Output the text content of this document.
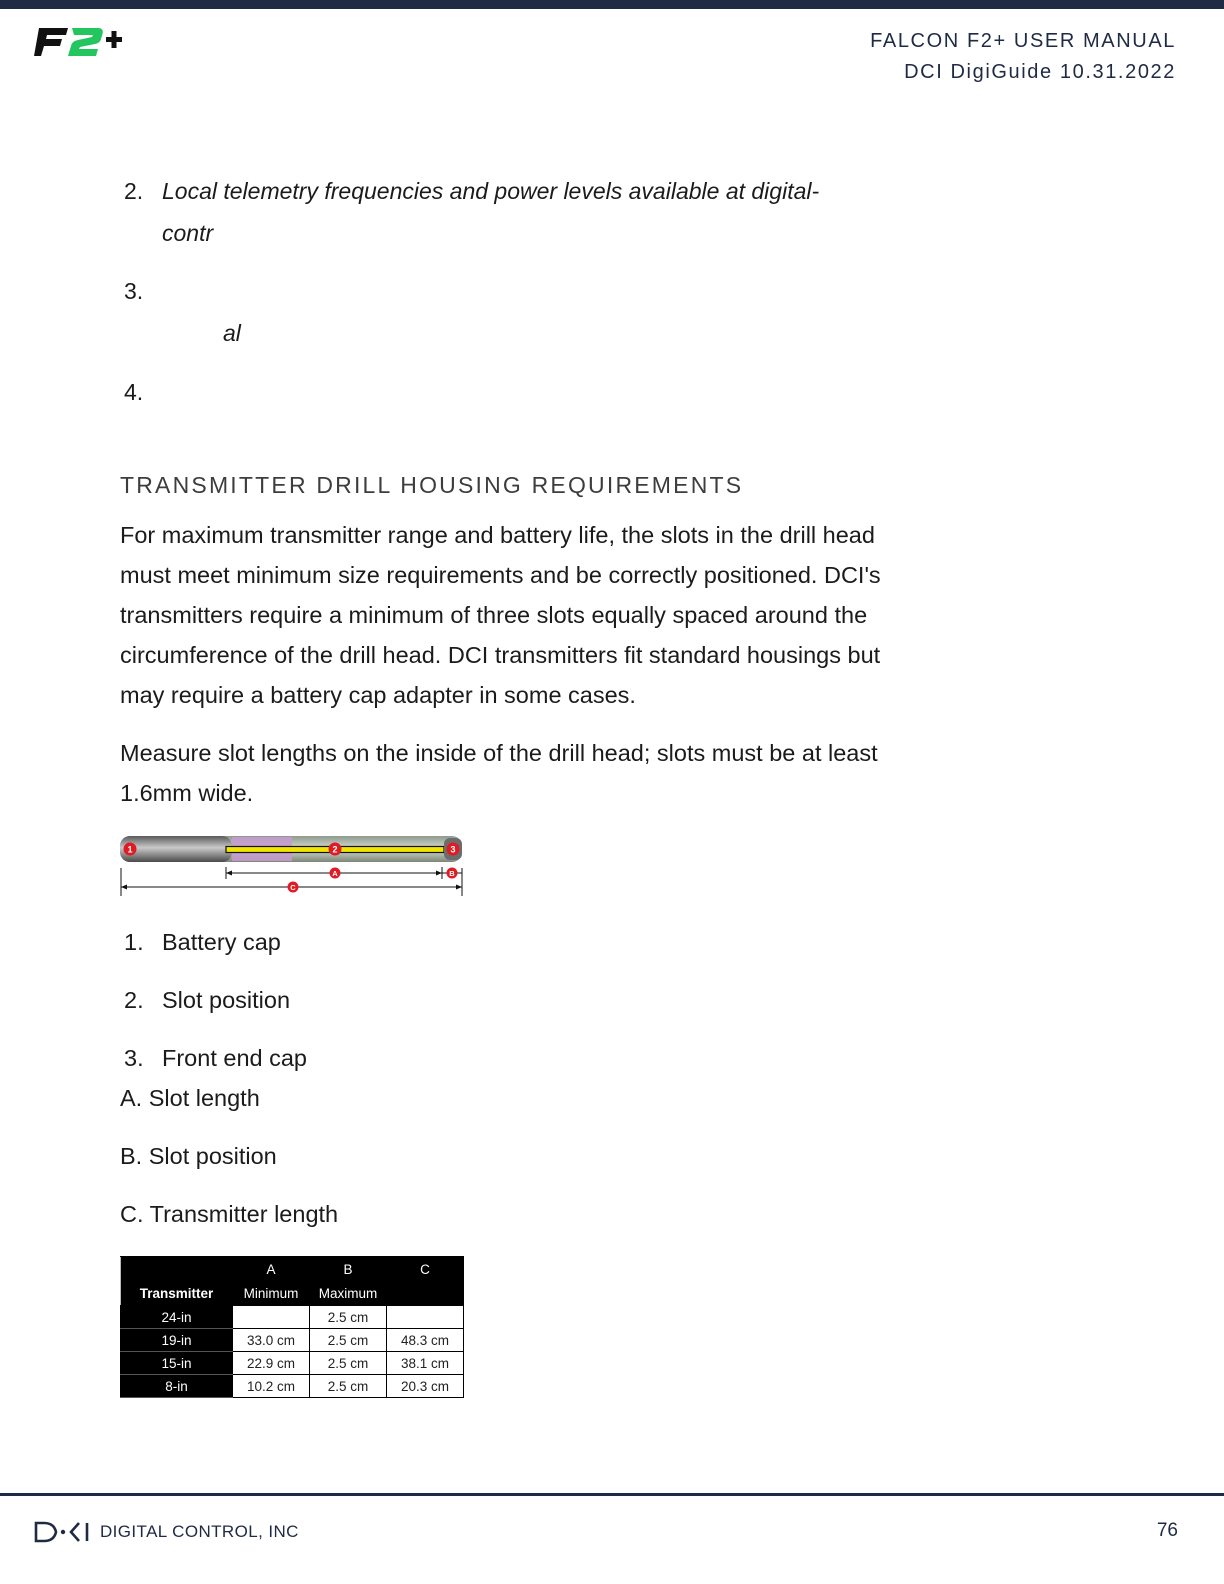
FALCON F2+ USER MANUAL
DCI DigiGuide 10.31.2022
2. Local telemetry frequencies and power levels available at digital-
contr
3.
al
4.
TRANSMITTER DRILL HOUSING REQUIREMENTS
For maximum transmitter range and battery life, the slots in the drill head must meet minimum size requirements and be correctly positioned. DCI's transmitters require a minimum of three slots equally spaced around the circumference of the drill head. DCI transmitters fit standard housings but may require a battery cap adapter in some cases.
Measure slot lengths on the inside of the drill head; slots must be at least 1.6mm wide.
1	2	3
A	B
C
1. Battery cap
2. Slot position
3. Front end cap
A. Slot length
B. Slot position
C. Transmitter length
	A	B	C
Transmitter	Minimum	Maximum	
24-in		2.5 cm	
19-in	33.0 cm	2.5 cm	48.3 cm
15-in	22.9 cm	2.5 cm	38.1 cm
8-in	10.2 cm	2.5 cm	20.3 cm
DIGITAL CONTROL, INC	76
